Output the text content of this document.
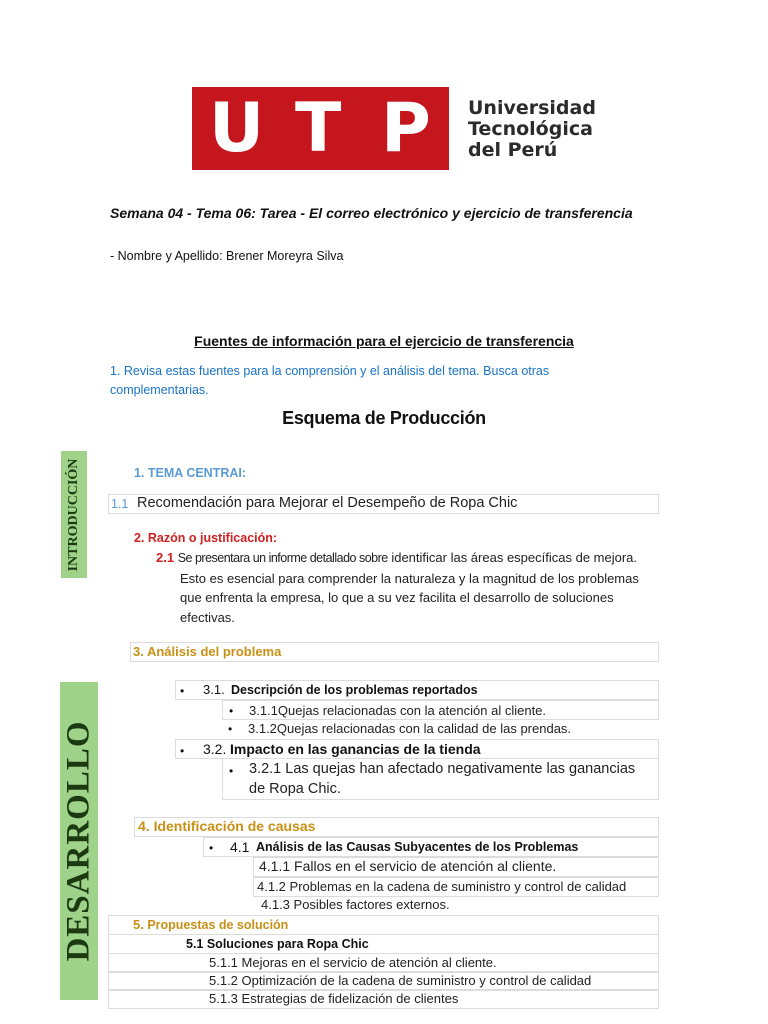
U T P Universidad
Tecnológica
del Perú
Semana 04 - Tema 06: Tarea - El correo electrónico y ejercicio de transferencia
- Nombre y Apellido: Brener Moreyra Silva
Fuentes de información para el ejercicio de transferencia
1. Revisa estas fuentes para la comprensión y el análisis del tema. Busca otras complementarias.
Esquema de Producción
INTRODUCCIÓN
DESARROLLO
1. TEMA CENTRAI:
1.1 Recomendación para Mejorar el Desempeño de Ropa Chic
2. Razón o justificación:
2.1 Se presentara un informe detallado sobre identificar las áreas específicas de mejora. Esto es esencial para comprender la naturaleza y la magnitud de los problemas que enfrenta la empresa, lo que a su vez facilita el desarrollo de soluciones efectivas.
3. Análisis del problema
• 3.1. Descripción de los problemas reportados
• 3.1.1Quejas relacionadas con la atención al cliente.
• 3.1.2Quejas relacionadas con la calidad de las prendas.
• 3.2. Impacto en las ganancias de la tienda
• 3.2.1 Las quejas han afectado negativamente las ganancias de Ropa Chic.
4. Identificación de causas
• 4.1 Análisis de las Causas Subyacentes de los Problemas
4.1.1 Fallos en el servicio de atención al cliente.
4.1.2 Problemas en la cadena de suministro y control de calidad
4.1.3 Posibles factores externos.
5. Propuestas de solución
5.1 Soluciones para Ropa Chic
5.1.1 Mejoras en el servicio de atención al cliente.
5.1.2 Optimización de la cadena de suministro y control de calidad
5.1.3 Estrategias de fidelización de clientes
